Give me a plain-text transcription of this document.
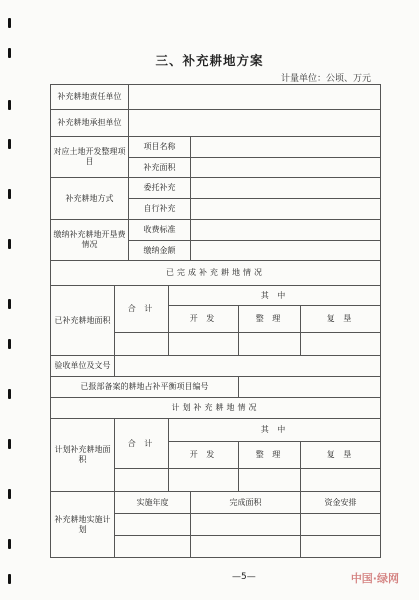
三、补充耕地方案
计量单位：公顷、万元
补充耕地责任单位						
补充耕地承担单位						
对应土地开发整理项目		项目名称				
		补充面积				
补充耕地方式		委托补充				
		自行补充				
缴纳补充耕地开垦费情况		收费标准				
		缴纳金额				
已完成补充耕地情况						
已补充耕地面积	合 计		其 中			
			开 发		整 理	复 垦

验收单位及文号						
已报部备案的耕地占补平衡项目编号						
计划补充耕地情况						
计划补充耕地面积	合 计		其 中			
			开 发		整 理	复 垦

补充耕地实施计划	实施年度			完成面积		资金安排

—5—	中国·绿网
